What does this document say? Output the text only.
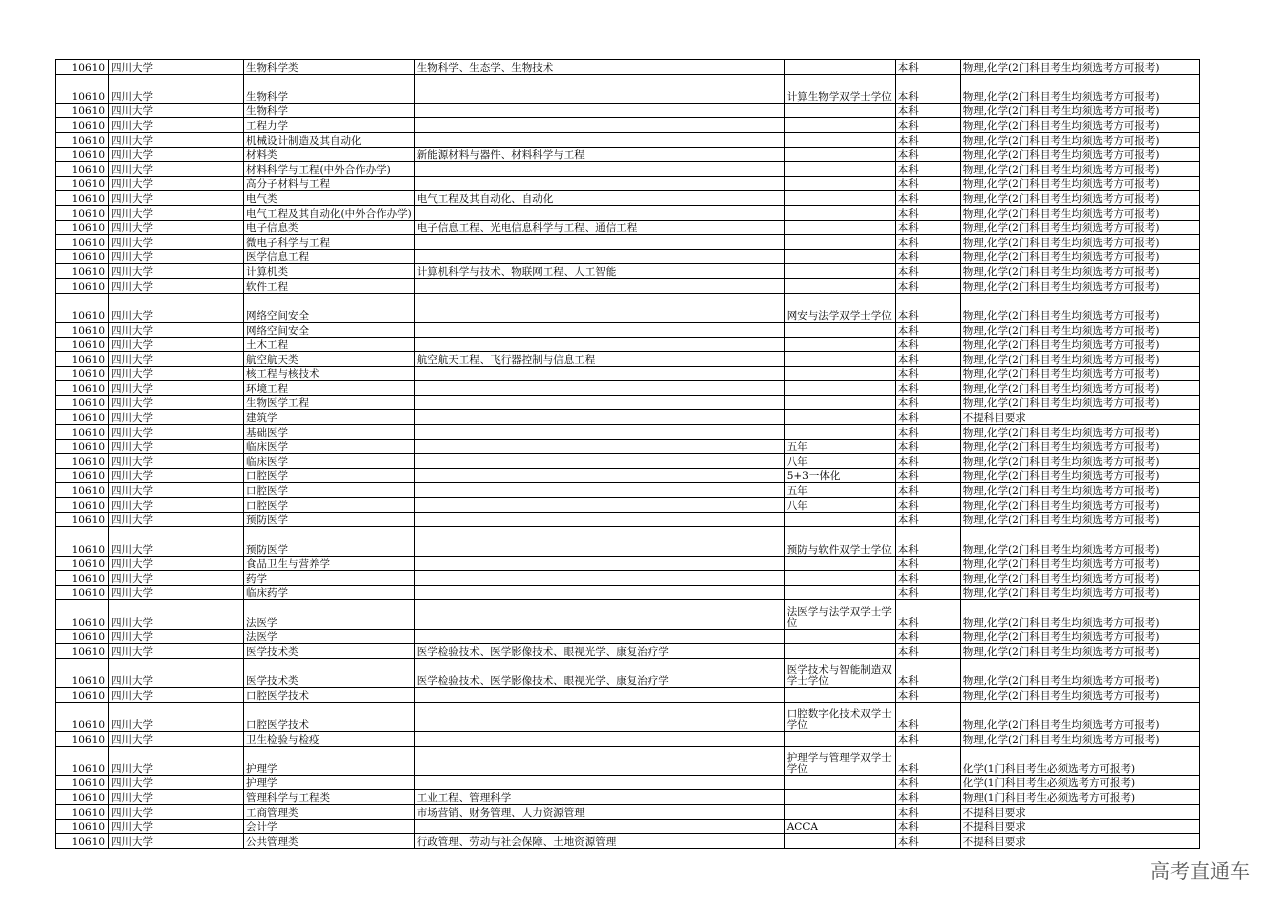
10610	四川大学	生物科学类	生物科学、生态学、生物技术		本科	物理,化学(2门科目考生均须选考方可报考)
10610	四川大学	生物科学		计算生物学双学士学位	本科	物理,化学(2门科目考生均须选考方可报考)
10610	四川大学	生物科学			本科	物理,化学(2门科目考生均须选考方可报考)
10610	四川大学	工程力学			本科	物理,化学(2门科目考生均须选考方可报考)
10610	四川大学	机械设计制造及其自动化			本科	物理,化学(2门科目考生均须选考方可报考)
10610	四川大学	材料类	新能源材料与器件、材料科学与工程		本科	物理,化学(2门科目考生均须选考方可报考)
10610	四川大学	材料科学与工程(中外合作办学)			本科	物理,化学(2门科目考生均须选考方可报考)
10610	四川大学	高分子材料与工程			本科	物理,化学(2门科目考生均须选考方可报考)
10610	四川大学	电气类	电气工程及其自动化、自动化		本科	物理,化学(2门科目考生均须选考方可报考)
10610	四川大学	电气工程及其自动化(中外合作办学)			本科	物理,化学(2门科目考生均须选考方可报考)
10610	四川大学	电子信息类	电子信息工程、光电信息科学与工程、通信工程		本科	物理,化学(2门科目考生均须选考方可报考)
10610	四川大学	微电子科学与工程			本科	物理,化学(2门科目考生均须选考方可报考)
10610	四川大学	医学信息工程			本科	物理,化学(2门科目考生均须选考方可报考)
10610	四川大学	计算机类	计算机科学与技术、物联网工程、人工智能		本科	物理,化学(2门科目考生均须选考方可报考)
10610	四川大学	软件工程			本科	物理,化学(2门科目考生均须选考方可报考)
10610	四川大学	网络空间安全		网安与法学双学士学位	本科	物理,化学(2门科目考生均须选考方可报考)
10610	四川大学	网络空间安全			本科	物理,化学(2门科目考生均须选考方可报考)
10610	四川大学	土木工程			本科	物理,化学(2门科目考生均须选考方可报考)
10610	四川大学	航空航天类	航空航天工程、飞行器控制与信息工程		本科	物理,化学(2门科目考生均须选考方可报考)
10610	四川大学	核工程与核技术			本科	物理,化学(2门科目考生均须选考方可报考)
10610	四川大学	环境工程			本科	物理,化学(2门科目考生均须选考方可报考)
10610	四川大学	生物医学工程			本科	物理,化学(2门科目考生均须选考方可报考)
10610	四川大学	建筑学			本科	不提科目要求
10610	四川大学	基础医学			本科	物理,化学(2门科目考生均须选考方可报考)
10610	四川大学	临床医学		五年	本科	物理,化学(2门科目考生均须选考方可报考)
10610	四川大学	临床医学		八年	本科	物理,化学(2门科目考生均须选考方可报考)
10610	四川大学	口腔医学		5+3一体化	本科	物理,化学(2门科目考生均须选考方可报考)
10610	四川大学	口腔医学		五年	本科	物理,化学(2门科目考生均须选考方可报考)
10610	四川大学	口腔医学		八年	本科	物理,化学(2门科目考生均须选考方可报考)
10610	四川大学	预防医学			本科	物理,化学(2门科目考生均须选考方可报考)
10610	四川大学	预防医学		预防与软件双学士学位	本科	物理,化学(2门科目考生均须选考方可报考)
10610	四川大学	食品卫生与营养学			本科	物理,化学(2门科目考生均须选考方可报考)
10610	四川大学	药学			本科	物理,化学(2门科目考生均须选考方可报考)
10610	四川大学	临床药学			本科	物理,化学(2门科目考生均须选考方可报考)
10610	四川大学	法医学		法医学与法学双学士学位	本科	物理,化学(2门科目考生均须选考方可报考)
10610	四川大学	法医学			本科	物理,化学(2门科目考生均须选考方可报考)
10610	四川大学	医学技术类	医学检验技术、医学影像技术、眼视光学、康复治疗学		本科	物理,化学(2门科目考生均须选考方可报考)
10610	四川大学	医学技术类	医学检验技术、医学影像技术、眼视光学、康复治疗学	医学技术与智能制造双学士学位	本科	物理,化学(2门科目考生均须选考方可报考)
10610	四川大学	口腔医学技术			本科	物理,化学(2门科目考生均须选考方可报考)
10610	四川大学	口腔医学技术		口腔数字化技术双学士学位	本科	物理,化学(2门科目考生均须选考方可报考)
10610	四川大学	卫生检验与检疫			本科	物理,化学(2门科目考生均须选考方可报考)
10610	四川大学	护理学		护理学与管理学双学士学位	本科	化学(1门科目考生必须选考方可报考)
10610	四川大学	护理学			本科	化学(1门科目考生必须选考方可报考)
10610	四川大学	管理科学与工程类	工业工程、管理科学		本科	物理(1门科目考生必须选考方可报考)
10610	四川大学	工商管理类	市场营销、财务管理、人力资源管理		本科	不提科目要求
10610	四川大学	会计学		ACCA	本科	不提科目要求
10610	四川大学	公共管理类	行政管理、劳动与社会保障、土地资源管理		本科	不提科目要求
高考直通车
